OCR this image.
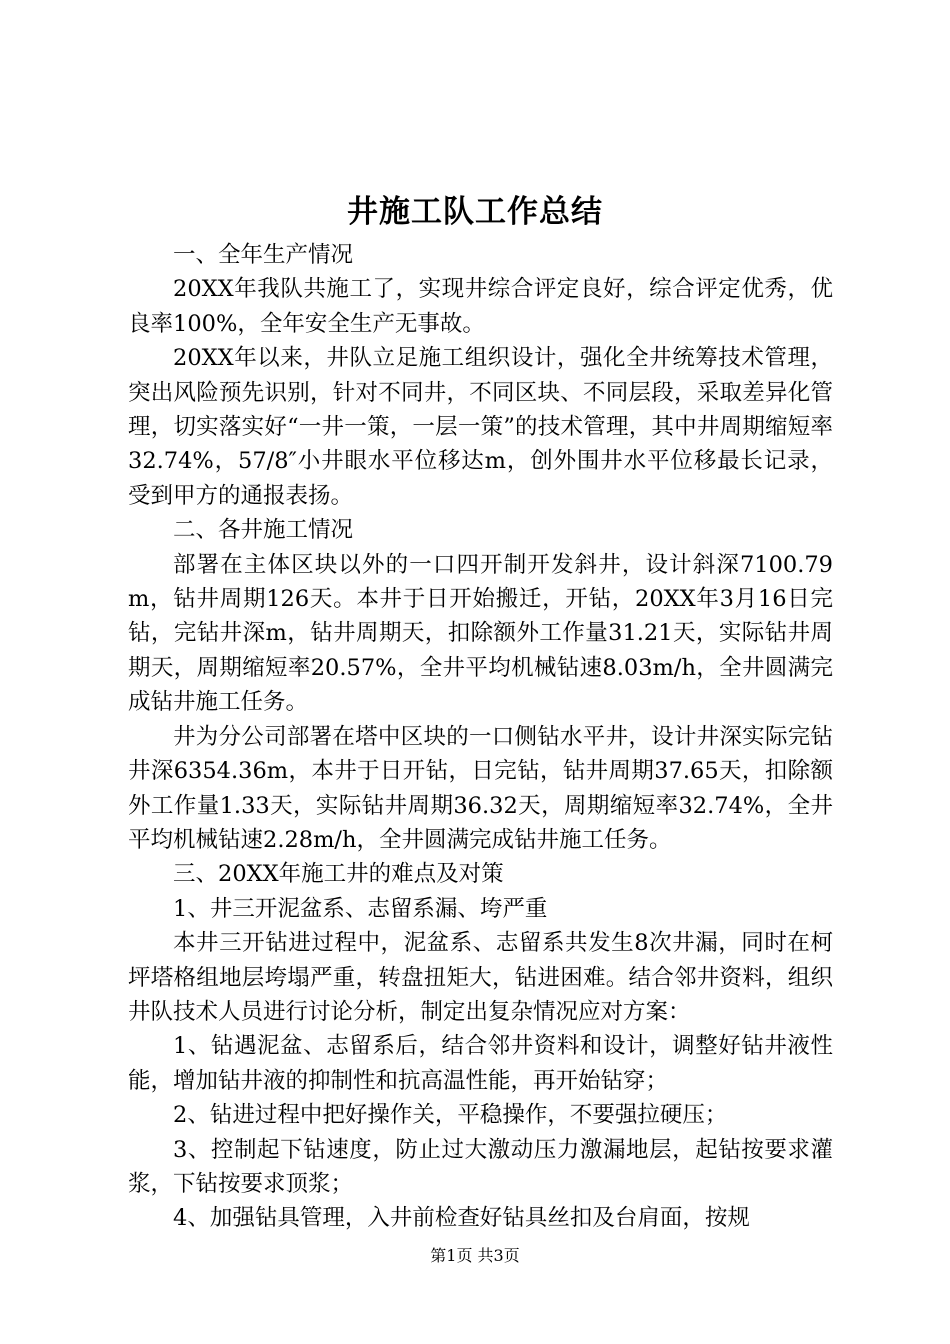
井施工队工作总结

一、全年生产情况

20XX年我队共施工了，实现井综合评定良好，综合评定优秀，优良率100%，全年安全生产无事故。

20XX年以来，井队立足施工组织设计，强化全井统筹技术管理，突出风险预先识别，针对不同井，不同区块、不同层段，采取差异化管理，切实落实好“一井一策，一层一策”的技术管理，其中井周期缩短率32.74%，57/8″小井眼水平位移达m，创外围井水平位移最长记录，受到甲方的通报表扬。

二、各井施工情况

部署在主体区块以外的一口四开制开发斜井，设计斜深7100.79m，钻井周期126天。本井于日开始搬迁，开钻，20XX年3月16日完钻，完钻井深m，钻井周期天，扣除额外工作量31.21天，实际钻井周期天，周期缩短率20.57%，全井平均机械钻速8.03m/h，全井圆满完成钻井施工任务。

井为分公司部署在塔中区块的一口侧钻水平井，设计井深实际完钻井深6354.36m，本井于日开钻，日完钻，钻井周期37.65天，扣除额外工作量1.33天，实际钻井周期36.32天，周期缩短率32.74%，全井平均机械钻速2.28m/h，全井圆满完成钻井施工任务。

三、20XX年施工井的难点及对策

1、井三开泥盆系、志留系漏、垮严重

本井三开钻进过程中，泥盆系、志留系共发生8次井漏，同时在柯坪塔格组地层垮塌严重，转盘扭矩大，钻进困难。结合邻井资料，组织井队技术人员进行讨论分析，制定出复杂情况应对方案：

1、钻遇泥盆、志留系后，结合邻井资料和设计，调整好钻井液性能，增加钻井液的抑制性和抗高温性能，再开始钻穿；

2、钻进过程中把好操作关，平稳操作，不要强拉硬压；

3、控制起下钻速度，防止过大激动压力激漏地层，起钻按要求灌浆，下钻按要求顶浆；

4、加强钻具管理，入井前检查好钻具丝扣及台肩面，按规

第1页 共3页
